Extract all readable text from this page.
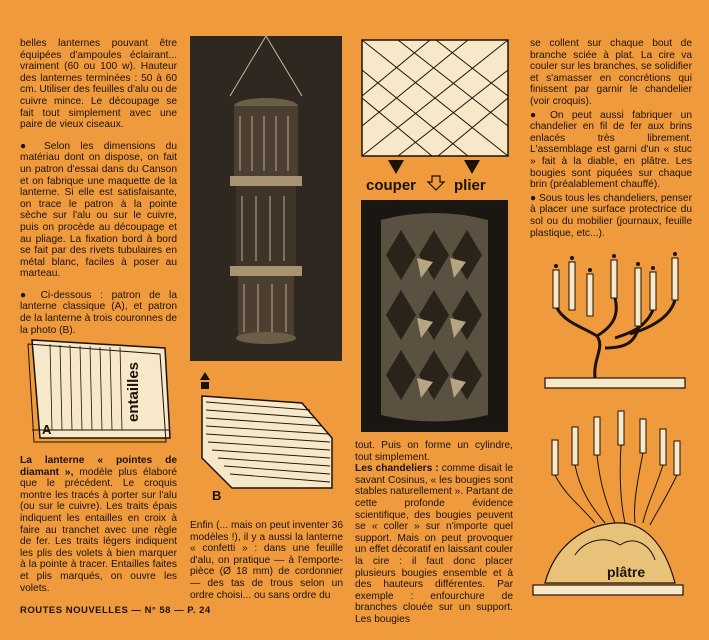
belles lanternes pouvant être équipées d'ampoules éclairant... vraiment (60 ou 100 w). Hauteur des lanternes terminées : 50 à 60 cm. Utiliser des feuilles d'alu ou de cuivre mince. Le découpage se fait tout simplement avec une paire de vieux ciseaux.

● Selon les dimensions du matériau dont on dispose, on fait un patron d'essai dans du Canson et on fabrique une maquette de la lanterne. Si elle est satisfaisante, on trace le patron à la pointe sèche sur l'alu ou sur le cuivre, puis on procède au découpage et au pliage. La fixation bord à bord se fait par des rivets tubulaires en métal blanc, faciles à poser au marteau.

● Ci-dessous : patron de la lanterne classique (A), et patron de la lanterne à trois couronnes de la photo (B).

entailles
A

La lanterne « pointes de diamant », modèle plus élaboré que le précédent. Le croquis montre les tracés à porter sur l'alu (ou sur le cuivre). Les traits épais indiquent les entailles en croix à faire au tranchet avec une règle de fer. Les traits légers indiquent les plis des volets à bien marquer à la pointe à tracer. Entailles faites et plis marqués, on ouvre les volets.

B

Enfin (... mais on peut inventer 36 modèles !), il y a aussi la lanterne « confetti » : dans une feuille d'alu, on pratique — à l'emporte-pièce (Ø 18 mm) de cordonnier — des tas de trous selon un ordre choisi... ou sans ordre du

couper	plier

tout. Puis on forme un cylindre, tout simplement.

Les chandeliers : comme disait le savant Cosinus, « les bougies sont stables naturellement ». Partant de cette profonde évidence scientifique, des bougies peuvent se « coller » sur n'importe quel support. Mais on peut provoquer un effet décoratif en laissant couler la cire : il faut donc placer plusieurs bougies ensemble et à des hauteurs différentes. Par exemple : enfourchure de branches clouée sur un support. Les bougies

se collent sur chaque bout de branche sciée à plat. La cire va couler sur les branches, se solidifier et s'amasser en concrétions qui finissent par garnir le chandelier (voir croquis).

● On peut aussi fabriquer un chandelier en fil de fer aux brins enlacés très librement. L'assemblage est garni d'un « stuc » fait à la diable, en plâtre. Les bougies sont piquées sur chaque brin (préalablement chauffé).

● Sous tous les chandeliers, penser à placer une surface protectrice du sol ou du mobilier (journaux, feuille plastique, etc...).

plâtre
ROUTES NOUVELLES — N° 58 — P. 24
